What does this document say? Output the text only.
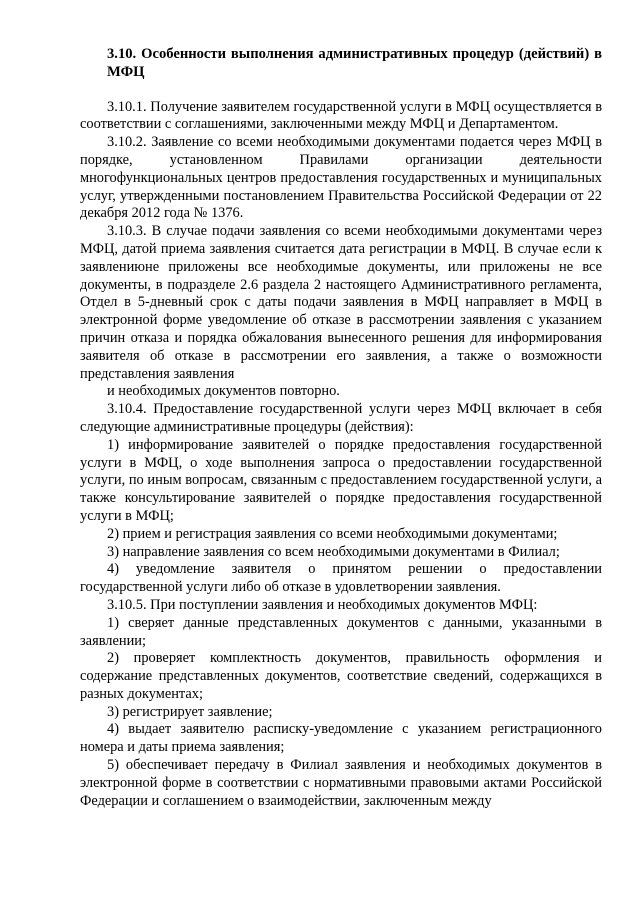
3.10. Особенности выполнения административных процедур (действий) в МФЦ

3.10.1. Получение заявителем государственной услуги в МФЦ осуществляется в соответствии с соглашениями, заключенными между МФЦ и Департаментом.

3.10.2. Заявление со всеми необходимыми документами подается через МФЦ в порядке, установленном Правилами организации деятельности многофункциональных центров предоставления государственных и муниципальных услуг, утвержденными постановлением Правительства Российской Федерации от 22 декабря 2012 года № 1376.

3.10.3. В случае подачи заявления со всеми необходимыми документами через МФЦ, датой приема заявления считается дата регистрации в МФЦ. В случае если к заявлениюне приложены все необходимые документы, или приложены не все документы, в подразделе 2.6 раздела 2 настоящего Административного регламента, Отдел в 5-дневный срок с даты подачи заявления в МФЦ направляет в МФЦ в электронной форме уведомление об отказе в рассмотрении заявления с указанием причин отказа и порядка обжалования вынесенного решения для информирования заявителя об отказе в рассмотрении его заявления, а также о возможности представления заявления

и необходимых документов повторно.

3.10.4. Предоставление государственной услуги через МФЦ включает в себя следующие административные процедуры (действия):

1) информирование заявителей о порядке предоставления государственной услуги в МФЦ, о ходе выполнения запроса о предоставлении государственной услуги, по иным вопросам, связанным с предоставлением государственной услуги, а также консультирование заявителей о порядке предоставления государственной услуги в МФЦ;

2) прием и регистрация заявления со всеми необходимыми документами;

3) направление заявления со всем необходимыми документами в Филиал;

4) уведомление заявителя о принятом решении о предоставлении государственной услуги либо об отказе в удовлетворении заявления.

3.10.5. При поступлении заявления и необходимых документов МФЦ:

1) сверяет данные представленных документов с данными, указанными в заявлении;

2) проверяет комплектность документов, правильность оформления и содержание представленных документов, соответствие сведений, содержащихся в разных документах;

3) регистрирует заявление;

4) выдает заявителю расписку-уведомление с указанием регистрационного номера и даты приема заявления;

5) обеспечивает передачу в Филиал заявления и необходимых документов в электронной форме в соответствии с нормативными правовыми актами Российской Федерации и соглашением о взаимодействии, заключенным между
